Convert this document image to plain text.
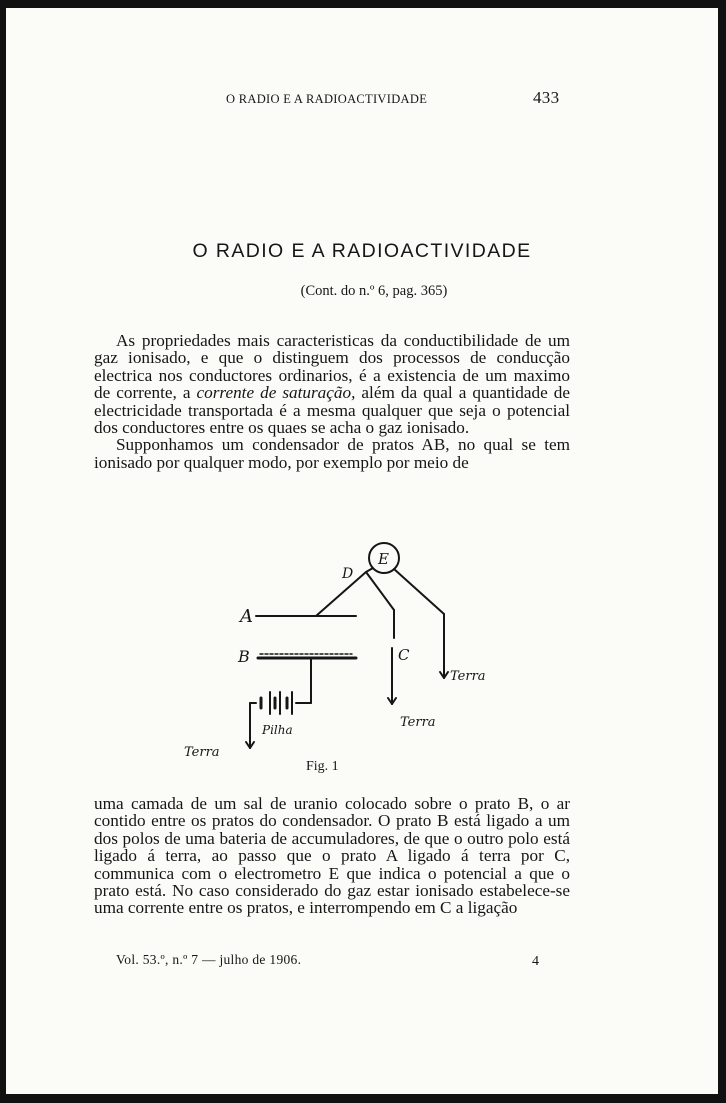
O RADIO E A RADIOACTIVIDADE	433
O RADIO E A RADIOACTIVIDADE
(Cont. do n.º 6, pag. 365)

As propriedades mais caracteristicas da conductibilidade de um gaz ionisado, e que o distinguem dos processos de conducção electrica nos conductores ordinarios, é a existencia de um maximo de corrente, a corrente de saturação, além da qual a quantidade de electricidade transportada é a mesma qualquer que seja o potencial dos conductores entre os quaes se acha o gaz ionisado.

Supponhamos um condensador de pratos AB, no qual se tem ionisado por qualquer modo, por exemplo por meio de

E
D
A
B	C
Terra
Terra
Terra
Pilha
Fig. 1

uma camada de um sal de uranio colocado sobre o prato B, o ar contido entre os pratos do condensador. O prato B está ligado a um dos polos de uma bateria de accumuladores, de que o outro polo está ligado á terra, ao passo que o prato A ligado á terra por C, communica com o electrometro E que indica o potencial a que o prato está. No caso considerado do gaz estar ionisado estabelece-se uma corrente entre os pratos, e interrompendo em C a ligação

Vol. 53.º, n.º 7 — julho de 1906.	4
